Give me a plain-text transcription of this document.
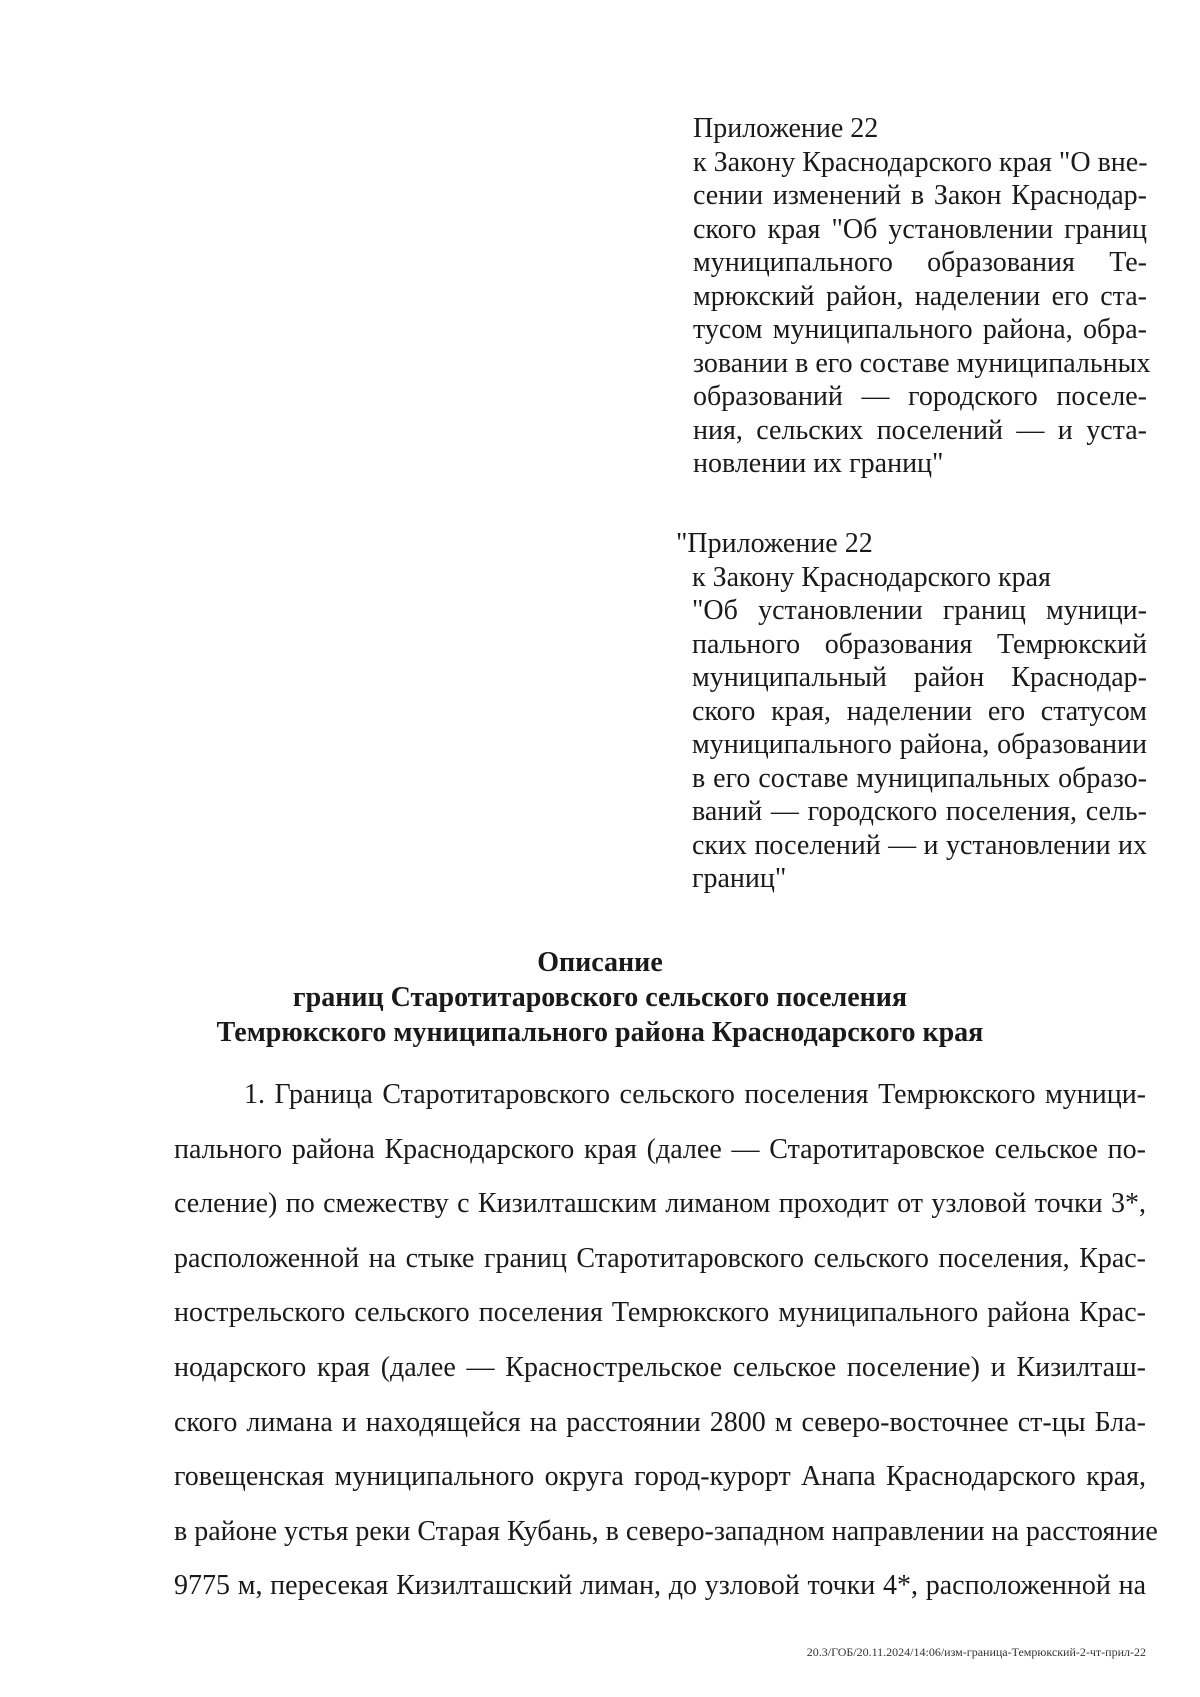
Приложение 22
к Закону Краснодарского края "О вне-
сении изменений в Закон Краснодар-
ского края "Об установлении границ
муниципального образования Те-
мрюкский район, наделении его ста-
тусом муниципального района, обра-
зовании в его составе муниципальных
образований — городского поселе-
ния, сельских поселений — и уста-
новлении их границ"
"Приложение 22
к Закону Краснодарского края
"Об установлении границ муници-
пального образования Темрюкский
муниципальный район Краснодар-
ского края, наделении его статусом
муниципального района, образовании
в его составе муниципальных образо-
ваний — городского поселения, сель-
ских поселений — и установлении их
границ"
Описание
границ Старотитаровского сельского поселения
Темрюкского муниципального района Краснодарского края
1. Граница Старотитаровского сельского поселения Темрюкского муници-
пального района Краснодарского края (далее — Старотитаровское сельское по-
селение) по смежеству с Кизилташским лиманом проходит от узловой точки 3*,
расположенной на стыке границ Старотитаровского сельского поселения, Крас-
нострельского сельского поселения Темрюкского муниципального района Крас-
нодарского края (далее — Краснострельское сельское поселение) и Кизилташ-
ского лимана и находящейся на расстоянии 2800 м северо-восточнее ст-цы Бла-
говещенская муниципального округа город-курорт Анапа Краснодарского края,
в районе устья реки Старая Кубань, в северо-западном направлении на расстояние
9775 м, пересекая Кизилташский лиман, до узловой точки 4*, расположенной на
20.3/ГОБ/20.11.2024/14:06/изм-граница-Темрюкский-2-чт-прил-22
